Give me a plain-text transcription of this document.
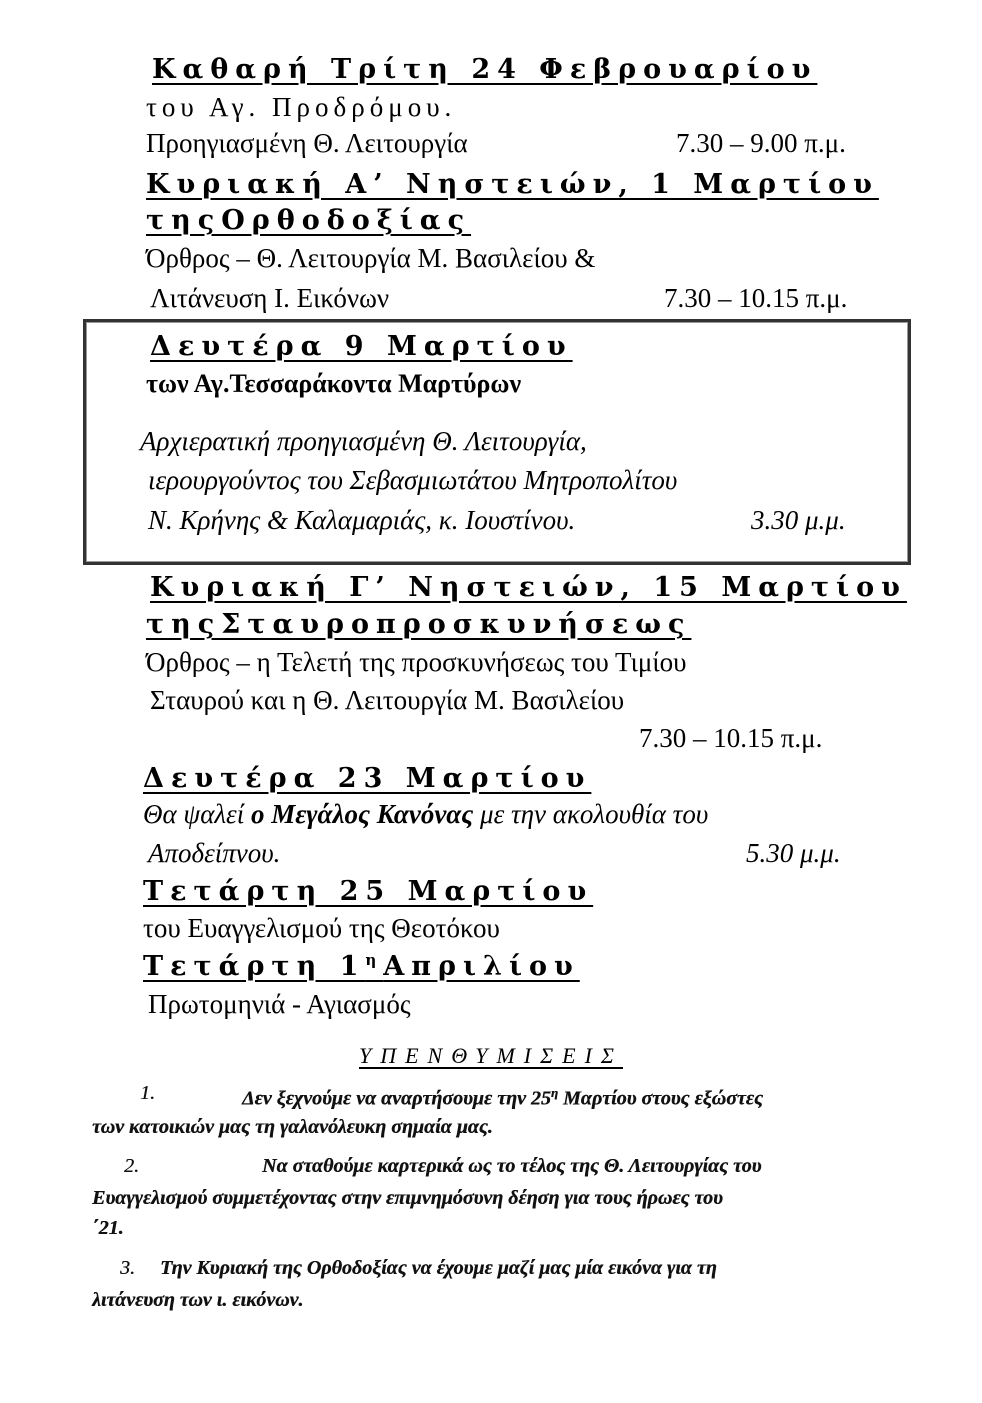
Καθαρή Τρίτη 24 Φεβρουαρίου
του Αγ. Προδρόμου.
Προηγιασμένη Θ. Λειτουργία	7.30 – 9.00 π.μ.
Κυριακή Α’ Νηστειών, 1 Μαρτίου
τηςΟρθοδοξίας
Όρθρος – Θ. Λειτουργία Μ. Βασιλείου &
Λιτάνευση Ι. Εικόνων	7.30 – 10.15 π.μ.
Δευτέρα 9 Μαρτίου
των Αγ.Τεσσαράκοντα Μαρτύρων
Αρχιερατική προηγιασμένη Θ. Λειτουργία,
ιερουργούντος του Σεβασμιωτάτου Μητροπολίτου
Ν. Κρήνης & Καλαμαριάς, κ. Ιουστίνου.	3.30 μ.μ.
Κυριακή Γ’ Νηστειών, 15 Μαρτίου
τηςΣταυροπροσκυνήσεως
Όρθρος – η Τελετή της προσκυνήσεως του Τιμίου
Σταυρού και η Θ. Λειτουργία Μ. Βασιλείου
7.30 – 10.15 π.μ.
Δευτέρα 23 Μαρτίου
Θα ψαλεί ο Μεγάλος Κανόνας με την ακολουθία του
Αποδείπνου.	5.30 μ.μ.
Τετάρτη 25 Μαρτίου
του Ευαγγελισμού της Θεοτόκου
Τετάρτη $1^\eta A\pi\rho\iota\lambda ίo\upsilon$
Πρωτομηνιά - Αγιασμός
ΥΠΕΝΘΥΜΙΣΕΙΣ
1.	Δεν ξεχνούμε να αναρτήσουμε την $25^\eta$ Μαρτίου στους εξώστες
των κατοικιών μας τη γαλανόλευκη σημαία μας.
2.	Να σταθούμε καρτερικά ως το τέλος της Θ. Λειτουργίας του
Ευαγγελισμού συμμετέχοντας στην επιμνημόσυνη δέηση για τους ήρωες του
΄21.
3. Την Κυριακή της Ορθοδοξίας να έχουμε μαζί μας μία εικόνα για τη
λιτάνευση των ι. εικόνων.
